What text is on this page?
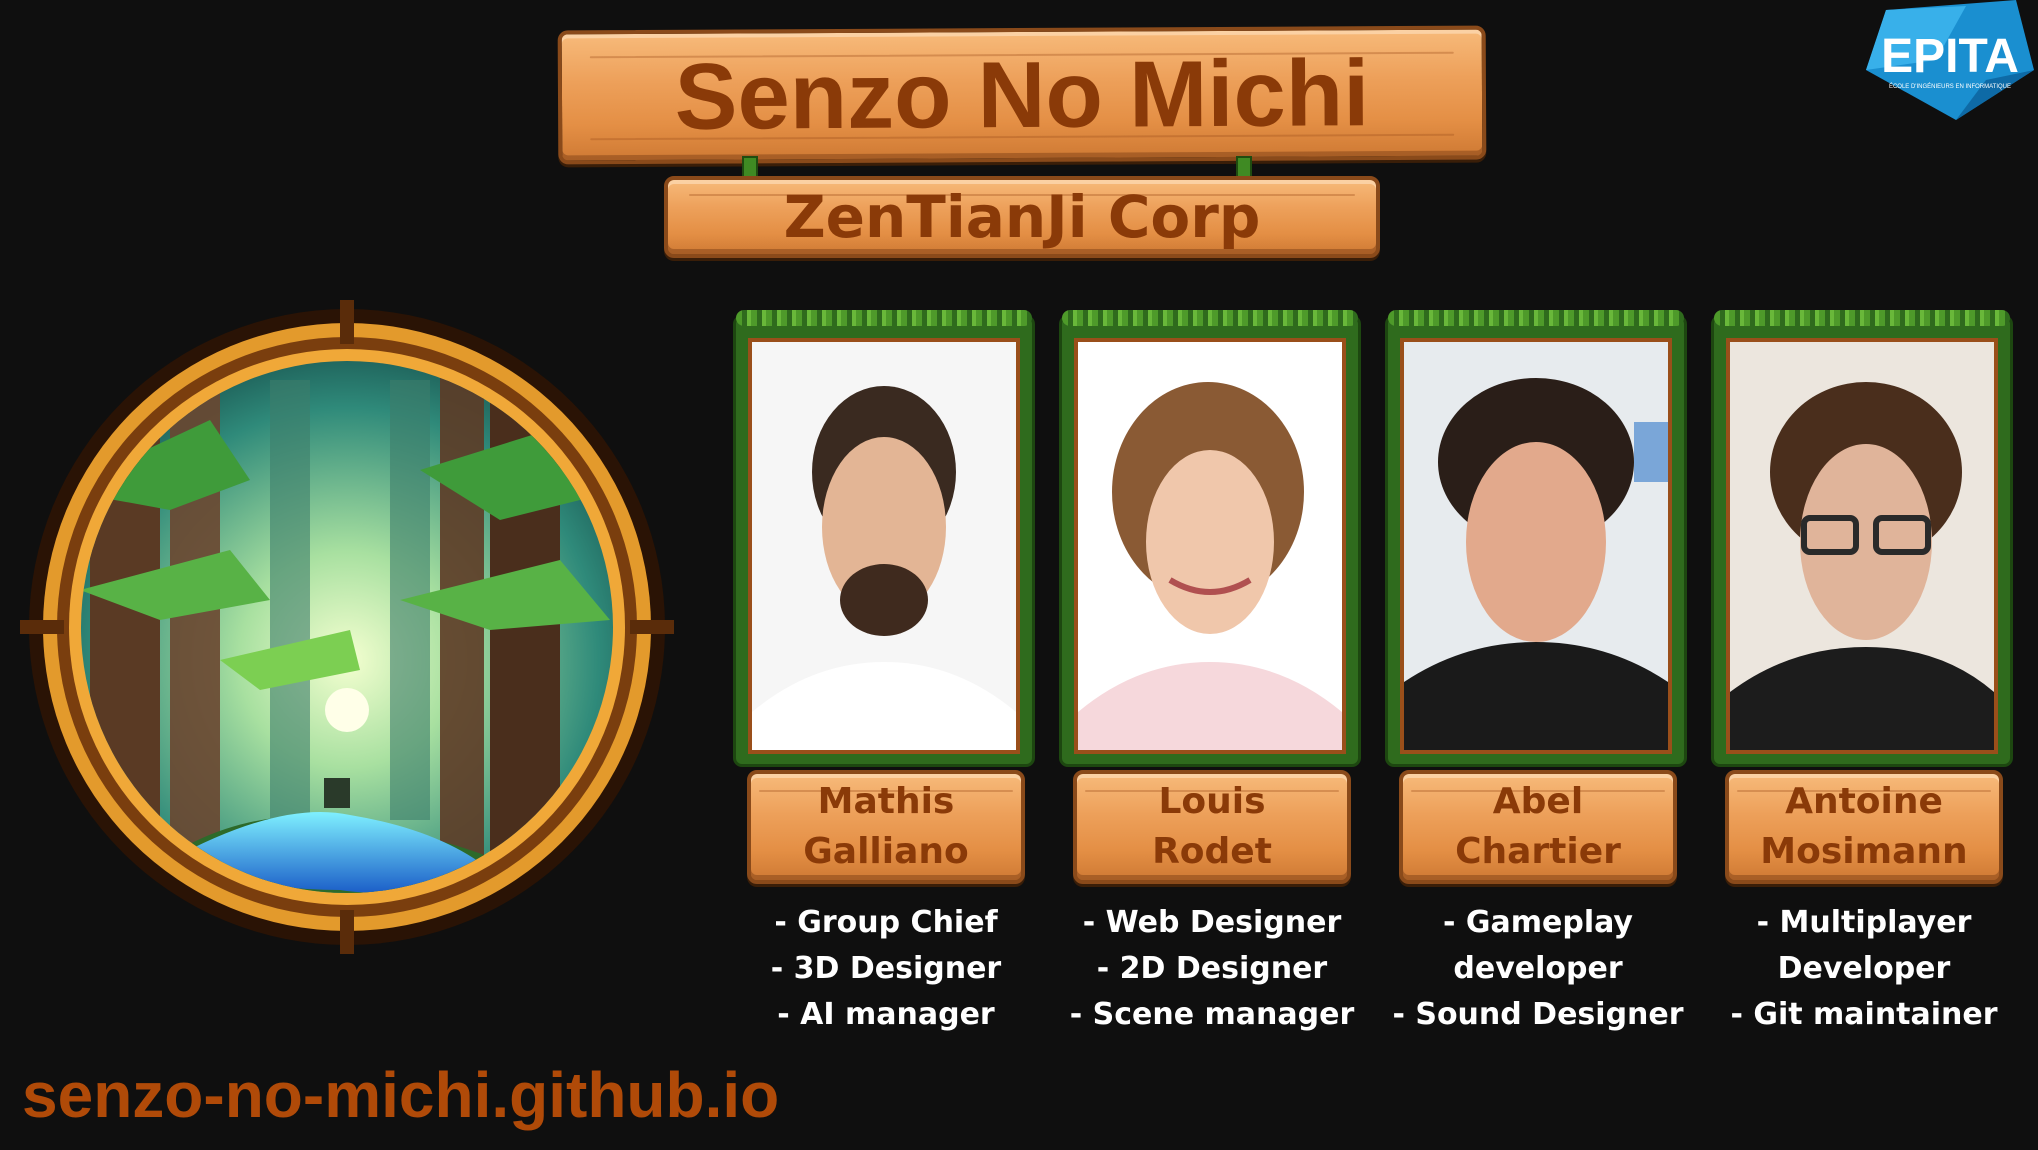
Senzo No Michi
ZenTianJi Corp
EPITA
ÉCOLE D'INGÉNIEURS EN INFORMATIQUE
Mathis
Galliano
- Group Chief
- 3D Designer
- AI manager
Louis
Rodet
- Web Designer
- 2D Designer
- Scene manager
Abel
Chartier
- Gameplay
developer
- Sound Designer
Antoine
Mosimann
- Multiplayer
Developer
- Git maintainer
senzo-no-michi.github.io
